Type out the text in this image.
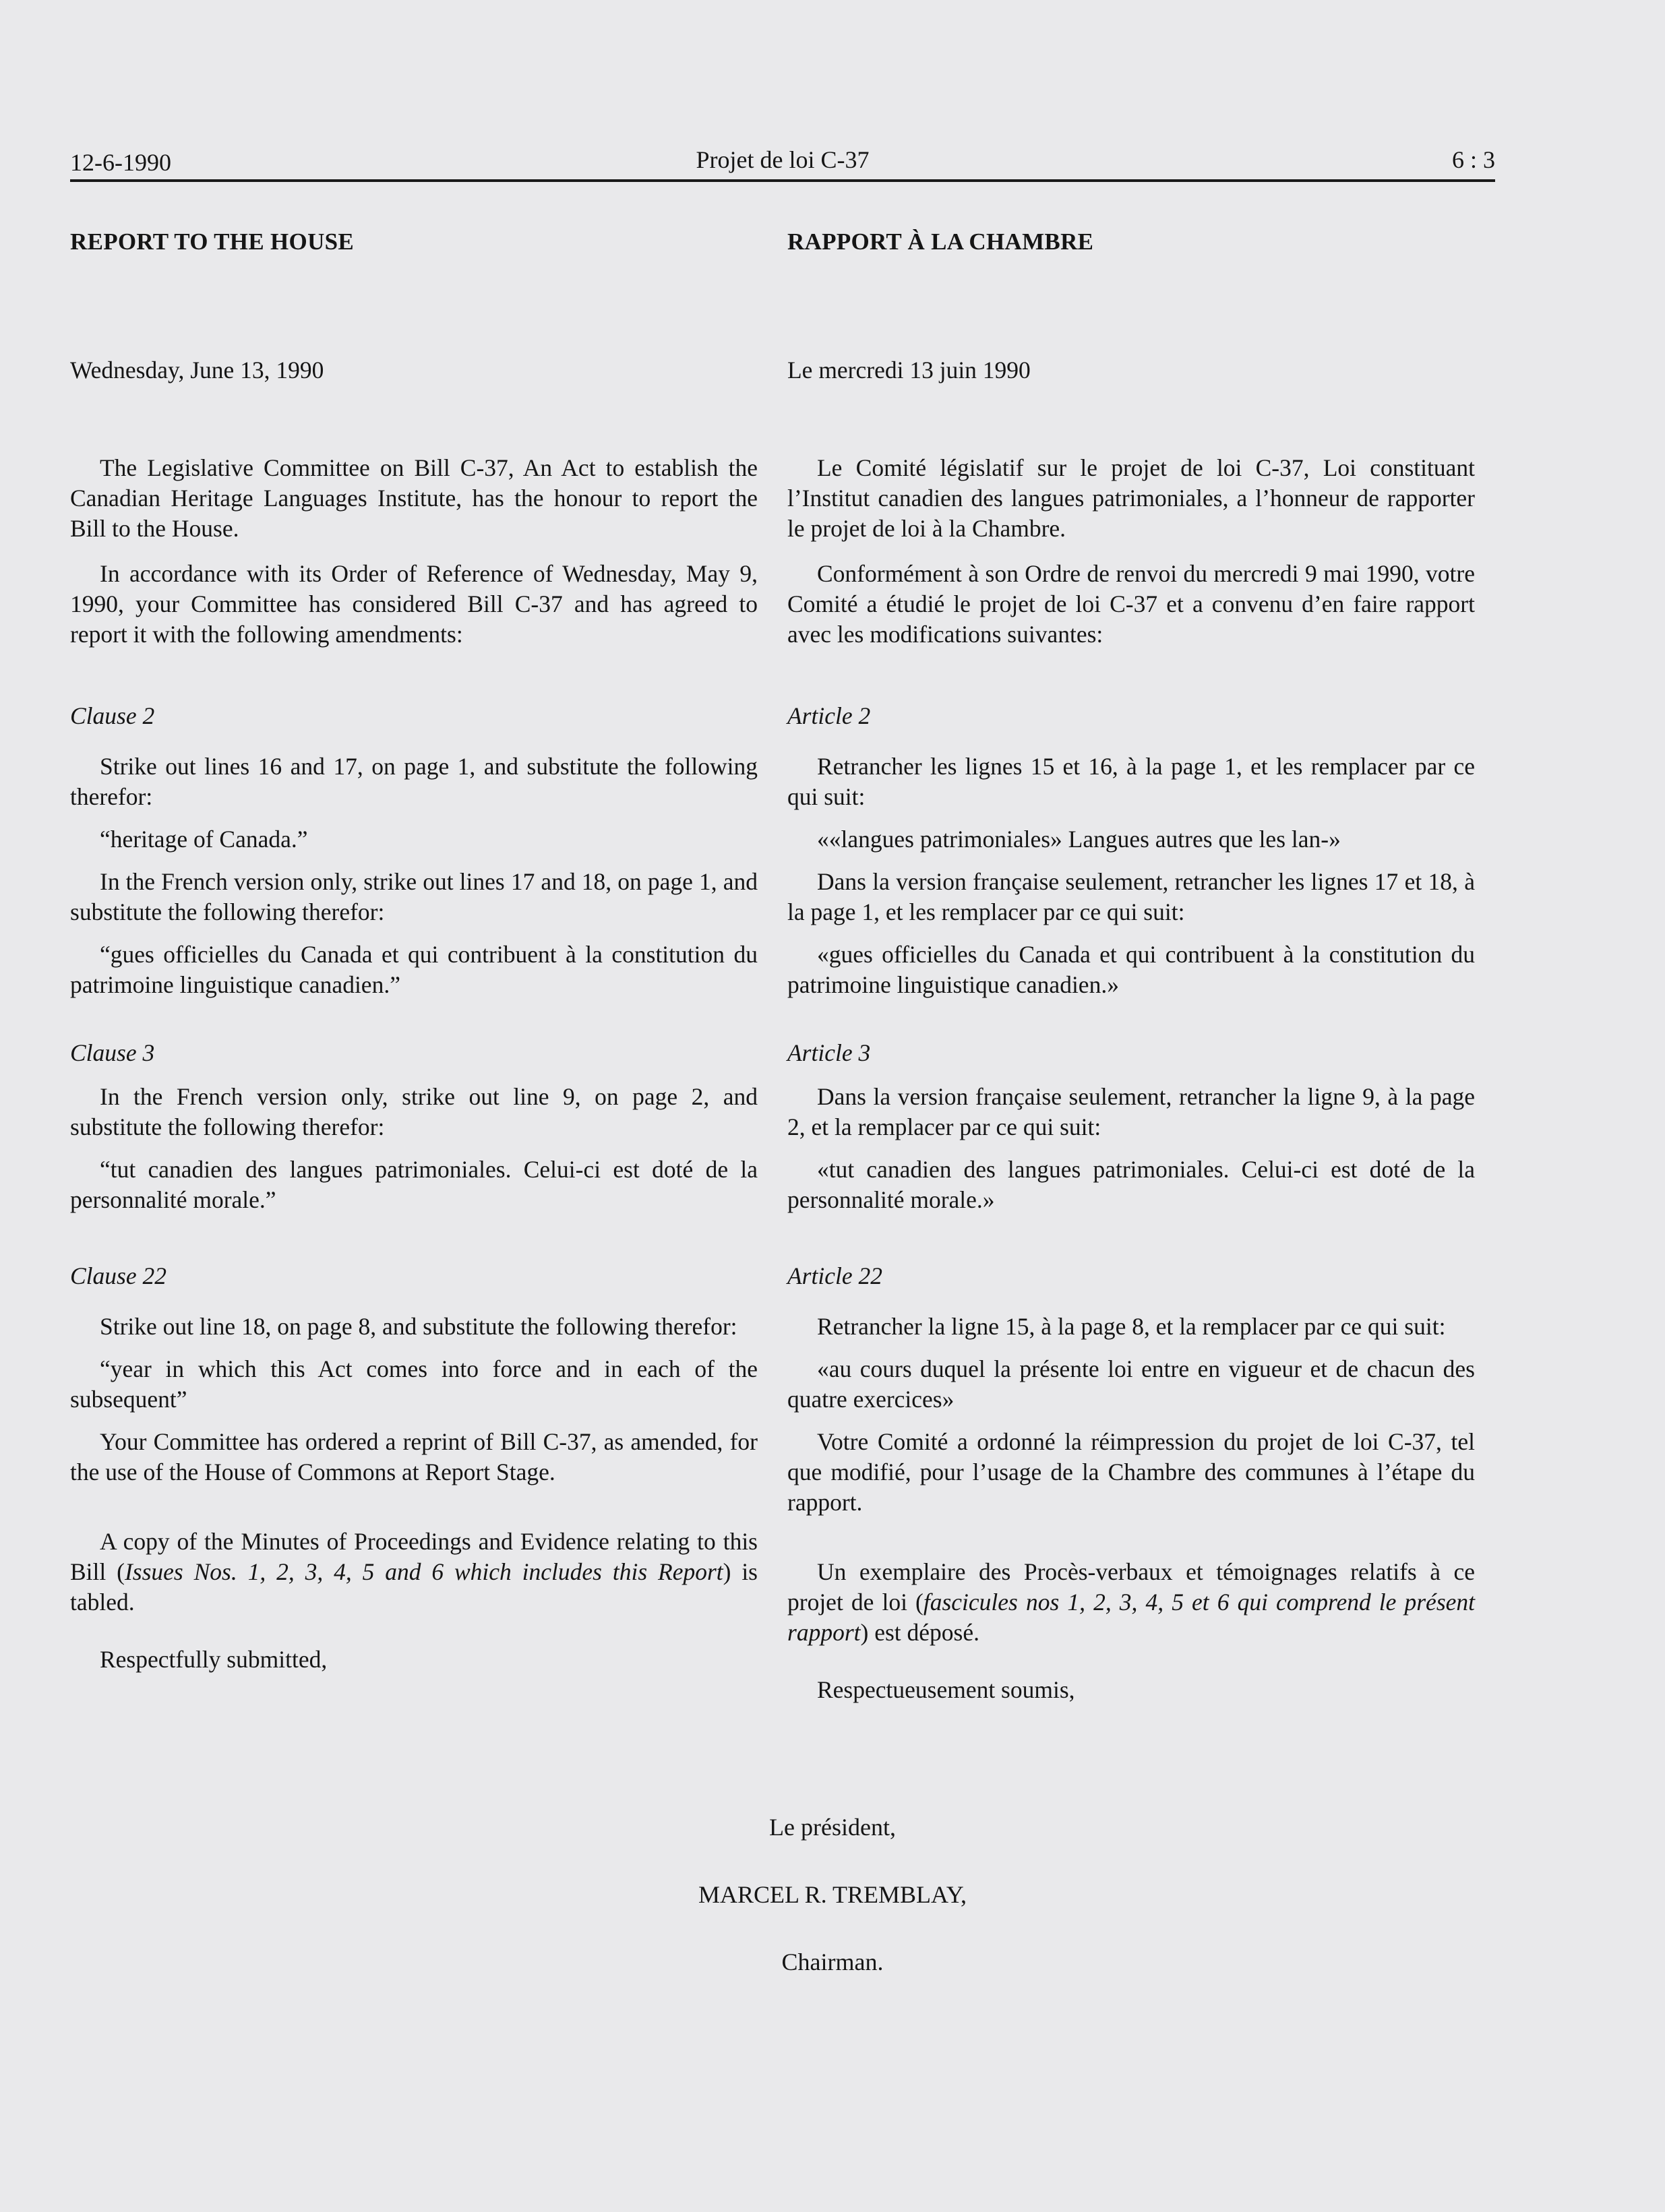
12-6-1990	Projet de loi C-37	6 : 3

REPORT TO THE HOUSE

Wednesday, June 13, 1990

The Legislative Committee on Bill C-37, An Act to establish the Canadian Heritage Languages Institute, has the honour to report the Bill to the House.

In accordance with its Order of Reference of Wednesday, May 9, 1990, your Committee has considered Bill C-37 and has agreed to report it with the following amendments:

Clause 2

Strike out lines 16 and 17, on page 1, and substitute the following therefor:

“heritage of Canada.”

In the French version only, strike out lines 17 and 18, on page 1, and substitute the following therefor:

“gues officielles du Canada et qui contribuent à la constitution du patrimoine linguistique canadien.”

Clause 3

In the French version only, strike out line 9, on page 2, and substitute the following therefor:

“tut canadien des langues patrimoniales. Celui-ci est doté de la personnalité morale.”

Clause 22

Strike out line 18, on page 8, and substitute the following therefor:

“year in which this Act comes into force and in each of the subsequent”

Your Committee has ordered a reprint of Bill C-37, as amended, for the use of the House of Commons at Report Stage.

A copy of the Minutes of Proceedings and Evidence relating to this Bill (Issues Nos. 1, 2, 3, 4, 5 and 6 which includes this Report) is tabled.

Respectfully submitted,

RAPPORT À LA CHAMBRE

Le mercredi 13 juin 1990

Le Comité législatif sur le projet de loi C-37, Loi constituant l’Institut canadien des langues patrimoniales, a l’honneur de rapporter le projet de loi à la Chambre.

Conformément à son Ordre de renvoi du mercredi 9 mai 1990, votre Comité a étudié le projet de loi C-37 et a convenu d’en faire rapport avec les modifications suivantes:

Article 2

Retrancher les lignes 15 et 16, à la page 1, et les remplacer par ce qui suit:

««langues patrimoniales» Langues autres que les lan-»

Dans la version française seulement, retrancher les lignes 17 et 18, à la page 1, et les remplacer par ce qui suit:

«gues officielles du Canada et qui contribuent à la constitution du patrimoine linguistique canadien.»

Article 3

Dans la version française seulement, retrancher la ligne 9, à la page 2, et la remplacer par ce qui suit:

«tut canadien des langues patrimoniales. Celui-ci est doté de la personnalité morale.»

Article 22

Retrancher la ligne 15, à la page 8, et la remplacer par ce qui suit:

«au cours duquel la présente loi entre en vigueur et de chacun des quatre exercices»

Votre Comité a ordonné la réimpression du projet de loi C-37, tel que modifié, pour l’usage de la Chambre des communes à l’étape du rapport.

Un exemplaire des Procès-verbaux et témoignages relatifs à ce projet de loi (fascicules nos 1, 2, 3, 4, 5 et 6 qui comprend le présent rapport) est déposé.

Respectueusement soumis,

Le président,
MARCEL R. TREMBLAY,
Chairman.
